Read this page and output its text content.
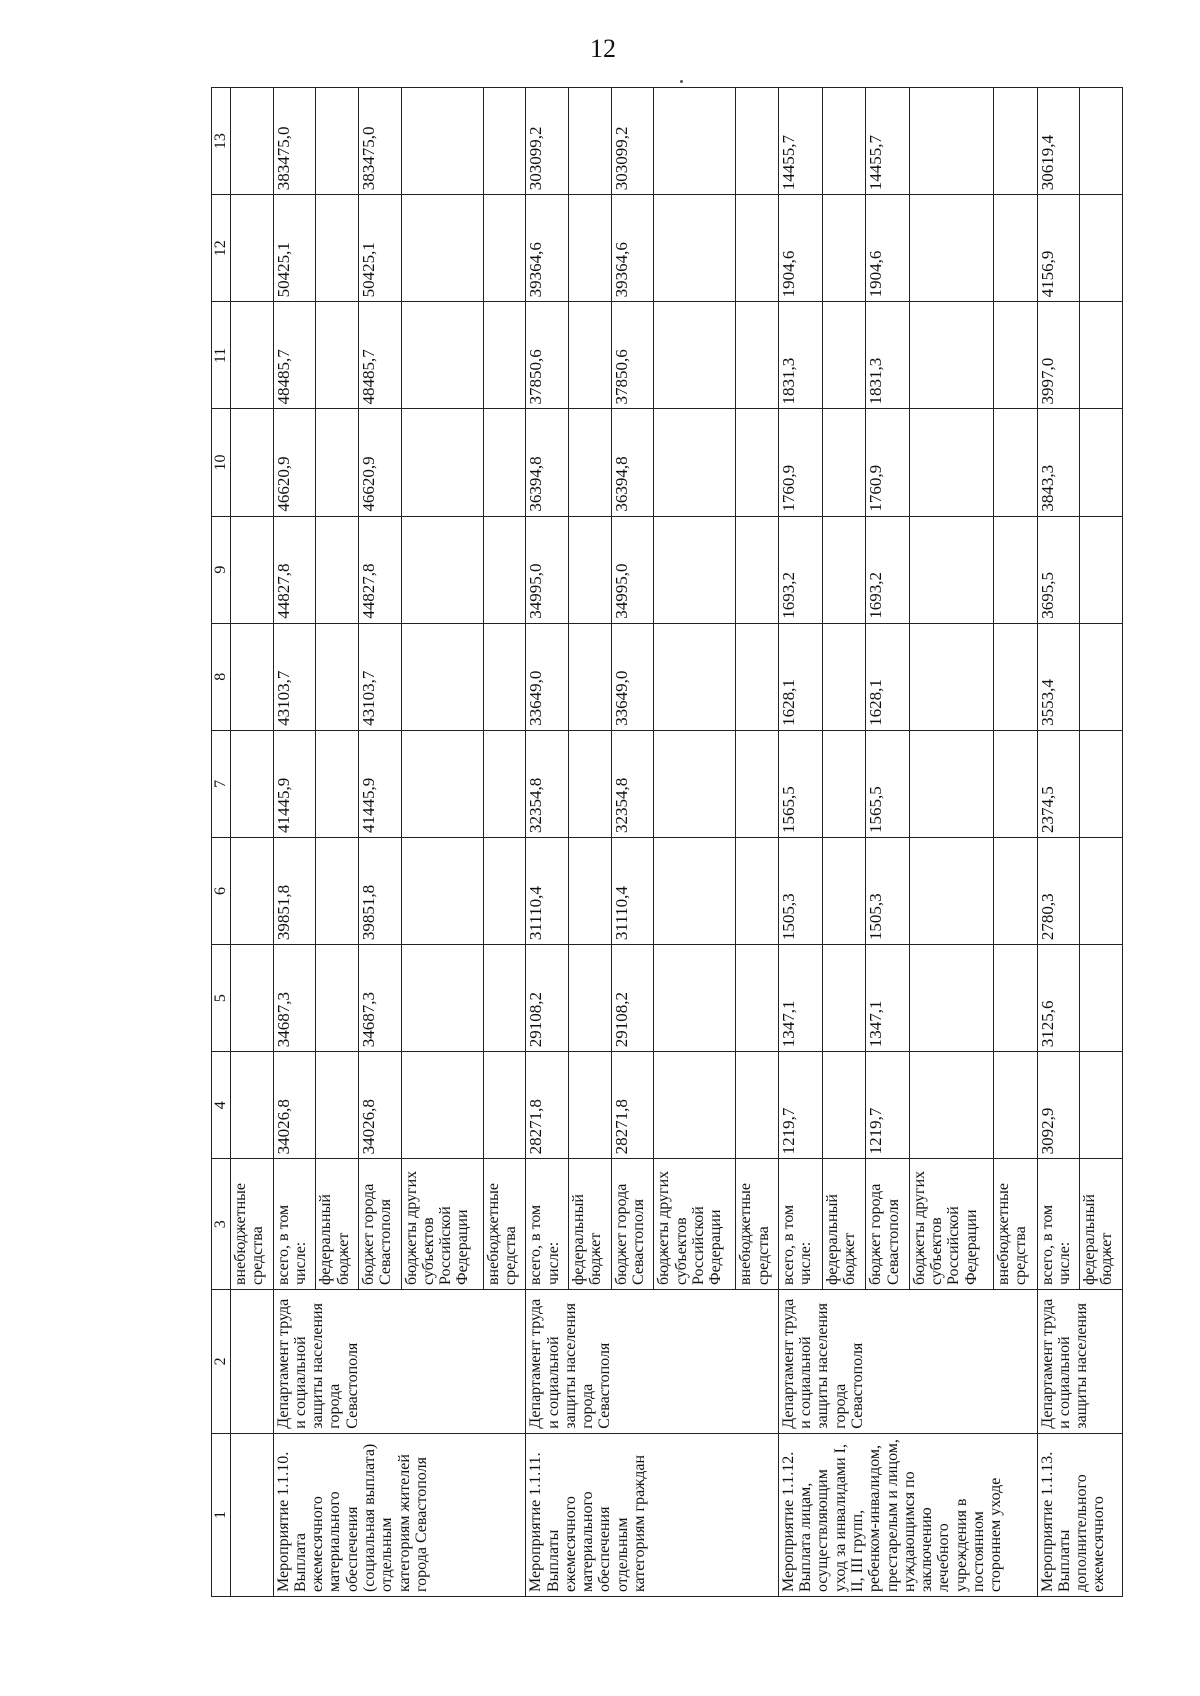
12
1	2	3	4	5	6	7	8	9	10	11	12	13
		внебюджетные средства										
Мероприятие 1.1.10. Выплата ежемесячного материального обеспечения (социальная выплата) отдельным категориям жителей города Севастополя	Департамент труда и социальной защиты населения города Севастополя	всего, в том числе:	34026,8	34687,3	39851,8	41445,9	43103,7	44827,8	46620,9	48485,7	50425,1	383475,0
		федеральный бюджет										
		бюджет города Севастополя	34026,8	34687,3	39851,8	41445,9	43103,7	44827,8	46620,9	48485,7	50425,1	383475,0
		бюджеты других субъектов Российской Федерации										
		внебюджетные средства										
Мероприятие 1.1.11. Выплаты ежемесячного материального обеспечения отдельным категориям граждан	Департамент труда и социальной защиты населения города Севастополя	всего, в том числе:	28271,8	29108,2	31110,4	32354,8	33649,0	34995,0	36394,8	37850,6	39364,6	303099,2
		федеральный бюджет										
		бюджет города Севастополя	28271,8	29108,2	31110,4	32354,8	33649,0	34995,0	36394,8	37850,6	39364,6	303099,2
		бюджеты других субъектов Российской Федерации										
		внебюджетные средства										
Мероприятие 1.1.12. Выплата лицам, осуществляющим уход за инвалидами I, II, III групп, ребенком-инвалидом, престарелым и лицом, нуждающимся по заключению лечебного учреждения в постоянном стороннем уходе	Департамент труда и социальной защиты населения города Севастополя	всего, в том числе:	1219,7	1347,1	1505,3	1565,5	1628,1	1693,2	1760,9	1831,3	1904,6	14455,7
		федеральный бюджет										
		бюджет города Севастополя	1219,7	1347,1	1505,3	1565,5	1628,1	1693,2	1760,9	1831,3	1904,6	14455,7
		бюджеты других субъектов Российской Федерации										
		внебюджетные средства										
Мероприятие 1.1.13. Выплаты дополнительного ежемесячного	Департамент труда и социальной защиты населения	всего, в том числе:	3092,9	3125,6	2780,3	2374,5	3553,4	3695,5	3843,3	3997,0	4156,9	30619,4
		федеральный бюджет										
